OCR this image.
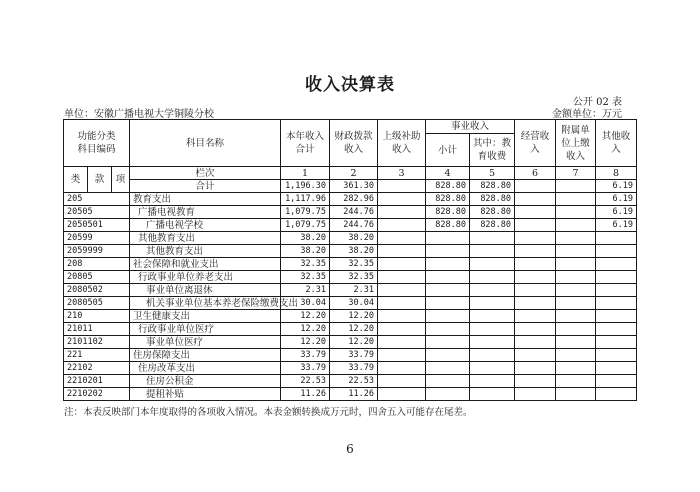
收入决算表
公开 02 表
单位：安徽广播电视大学铜陵分校	金额单位：万元
功能分类
科目编码			科目名称	本年收入合计	财政拨款收入	上级补助收入	事业收入		经营收入	附属单位上缴收入	其他收入
							小计	其中：教育收费			
类	款	项	栏次	1	2	3	4	5	6	7	8
			合计	1,196.30	361.30		828.80	828.80			6.19
205			教育支出	1,117.96	282.96		828.80	828.80			6.19
20505			广播电视教育	1,079.75	244.76		828.80	828.80			6.19
2050501			广播电视学校	1,079.75	244.76		828.80	828.80			6.19
20599			其他教育支出	38.20	38.20						
2059999			其他教育支出	38.20	38.20						
208			社会保障和就业支出	32.35	32.35						
20805			行政事业单位养老支出	32.35	32.35						
2080502			事业单位离退休	2.31	2.31						
2080505			机关事业单位基本养老保险缴费支出	30.04	30.04						
210			卫生健康支出	12.20	12.20						
21011			行政事业单位医疗	12.20	12.20						
2101102			事业单位医疗	12.20	12.20						
221			住房保障支出	33.79	33.79						
22102			住房改革支出	33.79	33.79						
2210201			住房公积金	22.53	22.53						
2210202			提租补贴	11.26	11.26						
注：本表反映部门本年度取得的各项收入情况。本表金额转换成万元时，四舍五入可能存在尾差。
6
